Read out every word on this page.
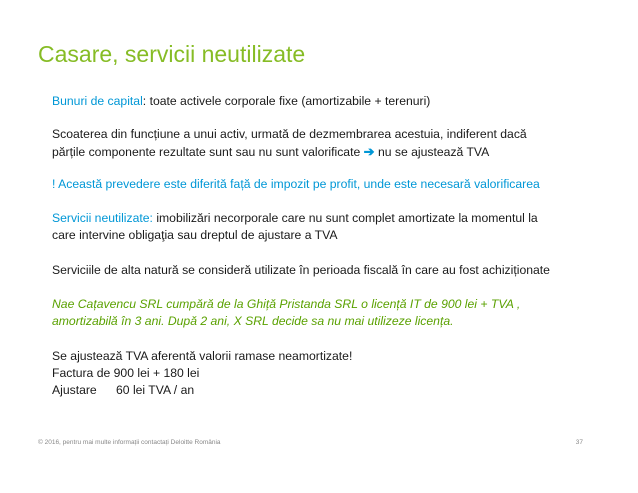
Casare, servicii neutilizate
Bunuri de capital: toate activele corporale fixe (amortizabile + terenuri)
Scoaterea din funcțiune a unui activ, urmată de dezmembrarea acestuia, indiferent dacă
părțile componente rezultate sunt sau nu sunt valorificate ➔ nu se ajustează TVA
! Această prevedere este diferită față de impozit pe profit, unde este necesară valorificarea
Servicii neutilizate: imobilizări necorporale care nu sunt complet amortizate la momentul la
care intervine obligaţia sau dreptul de ajustare a TVA
Serviciile de alta natură se consideră utilizate în perioada fiscală în care au fost achiziționate
Nae Cațavencu SRL cumpără de la Ghiță Pristanda SRL o licență IT de 900 lei + TVA ,
amortizabilă în 3 ani. După 2 ani, X SRL decide sa nu mai utilizeze licența.
Se ajustează TVA aferentă valorii ramase neamortizate!
Factura de 900 lei + 180 lei
Ajustare 60 lei TVA / an
© 2016, pentru mai multe informații contactați Deloitte România	37
